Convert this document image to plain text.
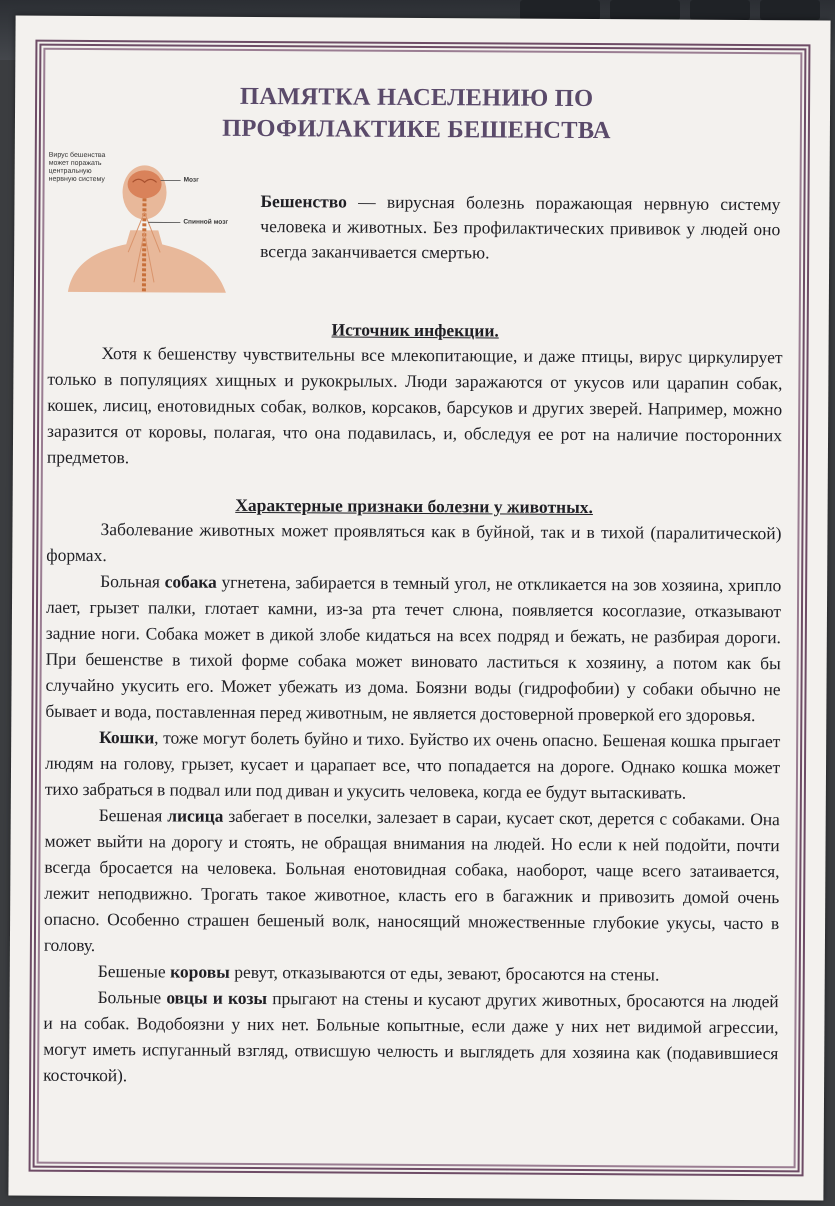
ПАМЯТКА НАСЕЛЕНИЮ ПО ПРОФИЛАКТИКЕ БЕШЕНСТВА
Вирус бешенства может поражать центральную нервную систему	Мозг
Спинной мозг
Бешенство — вирусная болезнь поражающая нервную систему человека и животных. Без профилактических прививок у людей оно всегда заканчивается смертью.
Источник инфекции.

Хотя к бешенству чувствительны все млекопитающие, и даже птицы, вирус циркулирует только в популяциях хищных и рукокрылых. Люди заражаются от укусов или царапин собак, кошек, лисиц, енотовидных собак, волков, корсаков, барсуков и других зверей. Например, можно заразится от коровы, полагая, что она подавилась, и, обследуя ее рот на наличие посторонних предметов.

Характерные признаки болезни у животных.

Заболевание животных может проявляться как в буйной, так и в тихой (паралитической) формах.

Больная собака угнетена, забирается в темный угол, не откликается на зов хозяина, хрипло лает, грызет палки, глотает камни, из-за рта течет слюна, появляется косоглазие, отказывают задние ноги. Собака может в дикой злобе кидаться на всех подряд и бежать, не разбирая дороги. При бешенстве в тихой форме собака может виновато ластиться к хозяину, а потом как бы случайно укусить его. Может убежать из дома. Боязни воды (гидрофобии) у собаки обычно не бывает и вода, поставленная перед животным, не является достоверной проверкой его здоровья.

Кошки, тоже могут болеть буйно и тихо. Буйство их очень опасно. Бешеная кошка прыгает людям на голову, грызет, кусает и царапает все, что попадается на дороге. Однако кошка может тихо забраться в подвал или под диван и укусить человека, когда ее будут вытаскивать.

Бешеная лисица забегает в поселки, залезает в сараи, кусает скот, дерется с собаками. Она может выйти на дорогу и стоять, не обращая внимания на людей. Но если к ней подойти, почти всегда бросается на человека. Больная енотовидная собака, наоборот, чаще всего затаивается, лежит неподвижно. Трогать такое животное, класть его в багажник и привозить домой очень опасно. Особенно страшен бешеный волк, наносящий множественные глубокие укусы, часто в голову.

Бешеные коровы ревут, отказываются от еды, зевают, бросаются на стены.

Больные овцы и козы прыгают на стены и кусают других животных, бросаются на людей и на собак. Водобоязни у них нет. Больные копытные, если даже у них нет видимой агрессии, могут иметь испуганный взгляд, отвисшую челюсть и выглядеть для хозяина как (подавившиеся косточкой).
